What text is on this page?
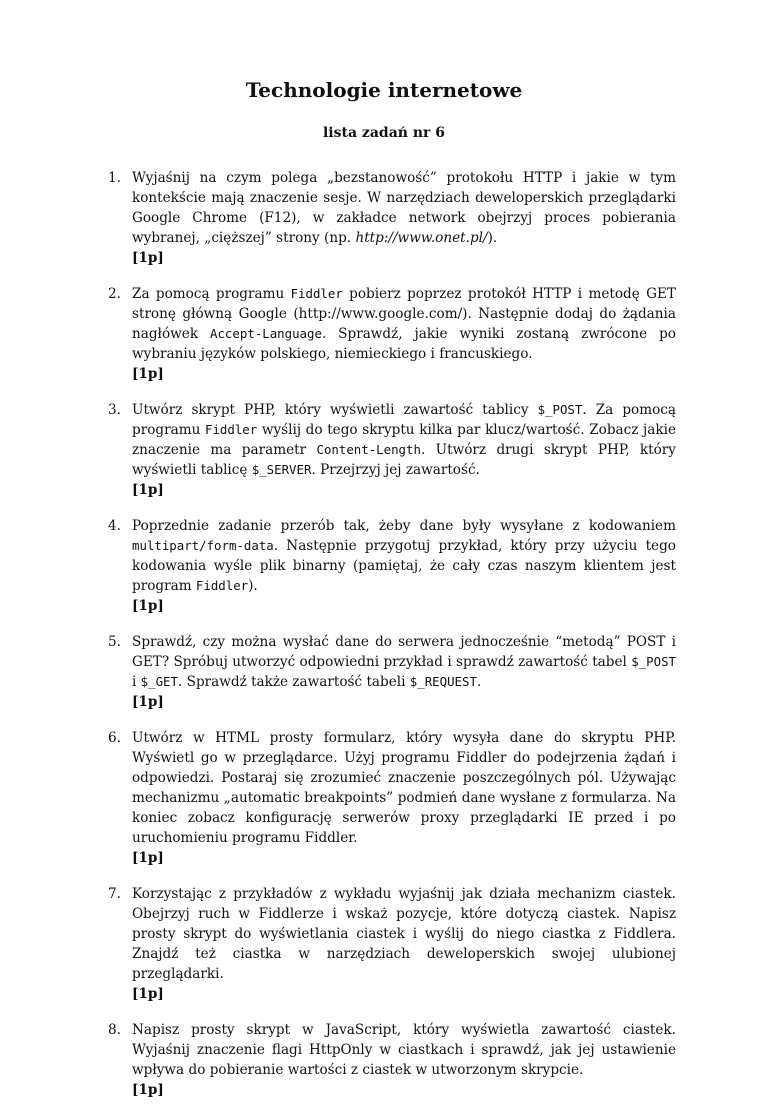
Technologie internetowe
lista zadań nr 6
1. Wyjaśnij na czym polega „bezstanowość” protokołu HTTP i jakie w tym kontekście mają znaczenie sesje. W narzędziach deweloperskich przeglądarki Google Chrome (F12), w zakładce network obejrzyj proces pobierania wybranej, „cięższej” strony (np. http://www.onet.pl/).
[1p]
2. Za pomocą programu Fiddler pobierz poprzez protokół HTTP i metodę GET stronę główną Google (http://www.google.com/). Następnie dodaj do żądania nagłówek Accept-Language. Sprawdź, jakie wyniki zostaną zwrócone po wybraniu języków polskiego, niemieckiego i francuskiego.
[1p]
3. Utwórz skrypt PHP, który wyświetli zawartość tablicy $_POST. Za pomocą programu Fiddler wyślij do tego skryptu kilka par klucz/wartość. Zobacz jakie znaczenie ma parametr Content-Length. Utwórz drugi skrypt PHP, który wyświetli tablicę $_SERVER. Przejrzyj jej zawartość.
[1p]
4. Poprzednie zadanie przerób tak, żeby dane były wysyłane z kodowaniem multipart/form-data. Następnie przygotuj przykład, który przy użyciu tego kodowania wyśle plik binarny (pamiętaj, że cały czas naszym klientem jest program Fiddler).
[1p]
5. Sprawdź, czy można wysłać dane do serwera jednocześnie “metodą” POST i GET? Spróbuj utworzyć odpowiedni przykład i sprawdź zawartość tabel $_POST i $_GET. Sprawdź także zawartość tabeli $_REQUEST.
[1p]
6. Utwórz w HTML prosty formularz, który wysyła dane do skryptu PHP. Wyświetl go w przeglądarce. Użyj programu Fiddler do podejrzenia żądań i odpowiedzi. Postaraj się zrozumieć znaczenie poszczególnych pól. Używając mechanizmu „automatic breakpoints” podmień dane wysłane z formularza. Na koniec zobacz konfigurację serwerów proxy przeglądarki IE przed i po uruchomieniu programu Fiddler.
[1p]
7. Korzystając z przykładów z wykładu wyjaśnij jak działa mechanizm ciastek. Obejrzyj ruch w Fiddlerze i wskaż pozycje, które dotyczą ciastek. Napisz prosty skrypt do wyświetlania ciastek i wyślij do niego ciastka z Fiddlera. Znajdź też ciastka w narzędziach deweloperskich swojej ulubionej przeglądarki.
[1p]
8. Napisz prosty skrypt w JavaScript, który wyświetla zawartość ciastek. Wyjaśnij znaczenie flagi HttpOnly w ciastkach i sprawdź, jak jej ustawienie wpływa do pobieranie wartości z ciastek w utworzonym skrypcie.
[1p]
